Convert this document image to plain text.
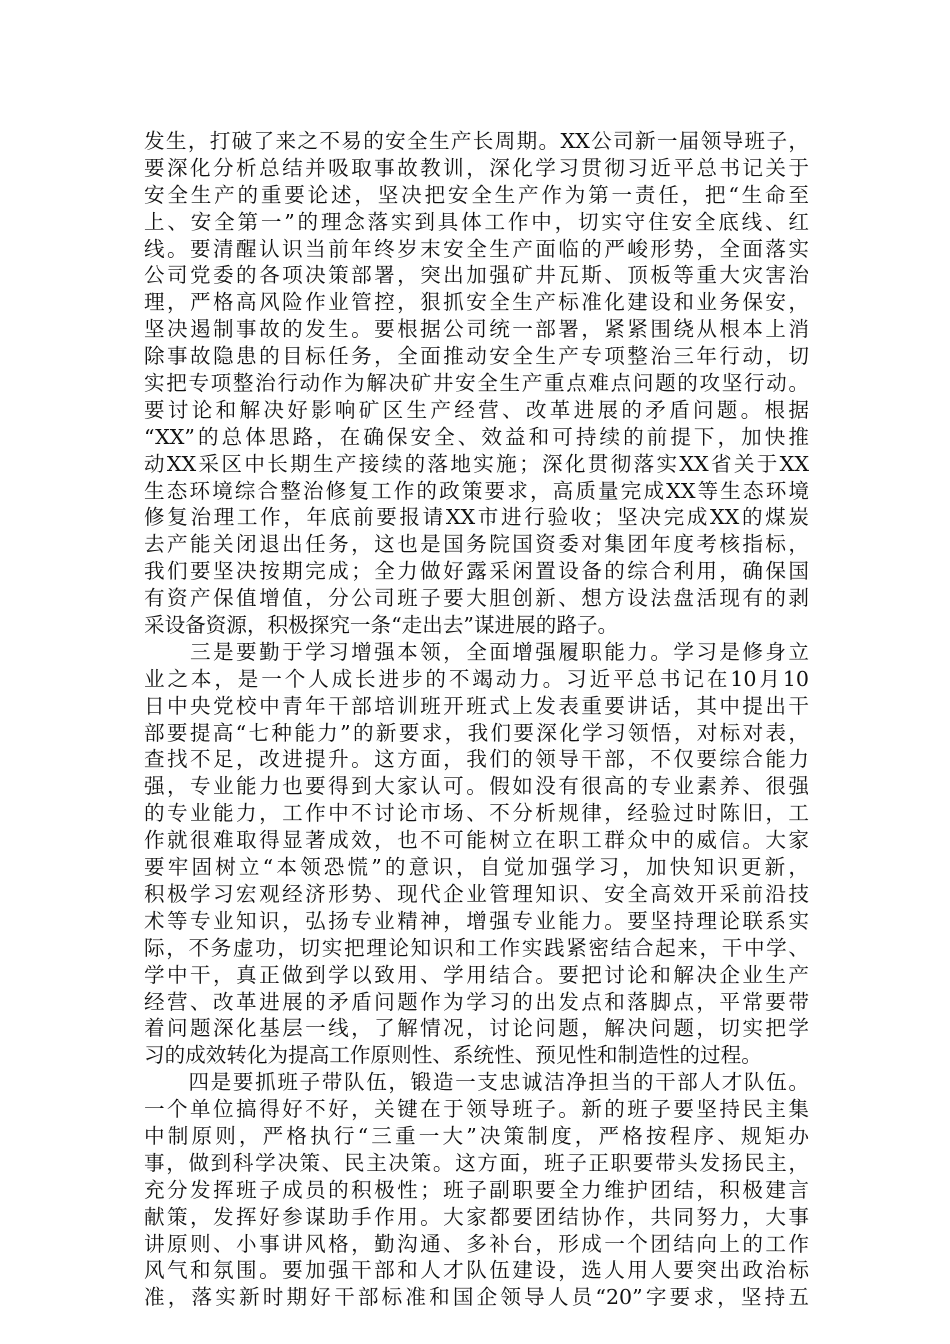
发生，打破了来之不易的安全生产长周期。XX公司新一届领导班子，
要深化分析总结并吸取事故教训，深化学习贯彻习近平总书记关于
安全生产的重要论述，坚决把安全生产作为第一责任，把“生命至
上、安全第一”的理念落实到具体工作中，切实守住安全底线、红
线。要清醒认识当前年终岁末安全生产面临的严峻形势，全面落实
公司党委的各项决策部署，突出加强矿井瓦斯、顶板等重大灾害治
理，严格高风险作业管控，狠抓安全生产标准化建设和业务保安，
坚决遏制事故的发生。要根据公司统一部署，紧紧围绕从根本上消
除事故隐患的目标任务，全面推动安全生产专项整治三年行动，切
实把专项整治行动作为解决矿井安全生产重点难点问题的攻坚行动。
要讨论和解决好影响矿区生产经营、改革进展的矛盾问题。根据
“XX”的总体思路，在确保安全、效益和可持续的前提下，加快推
动XX采区中长期生产接续的落地实施；深化贯彻落实XX省关于XX
生态环境综合整治修复工作的政策要求，高质量完成XX等生态环境
修复治理工作，年底前要报请XX市进行验收；坚决完成XX的煤炭
去产能关闭退出任务，这也是国务院国资委对集团年度考核指标，
我们要坚决按期完成；全力做好露采闲置设备的综合利用，确保国
有资产保值增值，分公司班子要大胆创新、想方设法盘活现有的剥
采设备资源，积极探究一条“走出去”谋进展的路子。
　　三是要勤于学习增强本领，全面增强履职能力。学习是修身立
业之本，是一个人成长进步的不竭动力。习近平总书记在10月10
日中央党校中青年干部培训班开班式上发表重要讲话，其中提出干
部要提高“七种能力”的新要求，我们要深化学习领悟，对标对表，
查找不足，改进提升。这方面，我们的领导干部，不仅要综合能力
强，专业能力也要得到大家认可。假如没有很高的专业素养、很强
的专业能力，工作中不讨论市场、不分析规律，经验过时陈旧，工
作就很难取得显著成效，也不可能树立在职工群众中的威信。大家
要牢固树立“本领恐慌”的意识，自觉加强学习，加快知识更新，
积极学习宏观经济形势、现代企业管理知识、安全高效开采前沿技
术等专业知识，弘扬专业精神，增强专业能力。要坚持理论联系实
际，不务虚功，切实把理论知识和工作实践紧密结合起来，干中学、
学中干，真正做到学以致用、学用结合。要把讨论和解决企业生产
经营、改革进展的矛盾问题作为学习的出发点和落脚点，平常要带
着问题深化基层一线，了解情况，讨论问题，解决问题，切实把学
习的成效转化为提高工作原则性、系统性、预见性和制造性的过程。
　　四是要抓班子带队伍，锻造一支忠诚洁净担当的干部人才队伍。
一个单位搞得好不好，关键在于领导班子。新的班子要坚持民主集
中制原则，严格执行“三重一大”决策制度，严格按程序、规矩办
事，做到科学决策、民主决策。这方面，班子正职要带头发扬民主，
充分发挥班子成员的积极性；班子副职要全力维护团结，积极建言
献策，发挥好参谋助手作用。大家都要团结协作，共同努力，大事
讲原则、小事讲风格，勤沟通、多补台，形成一个团结向上的工作
风气和氛围。要加强干部和人才队伍建设，选人用人要突出政治标
准，落实新时期好干部标准和国企领导人员“20”字要求，坚持五
